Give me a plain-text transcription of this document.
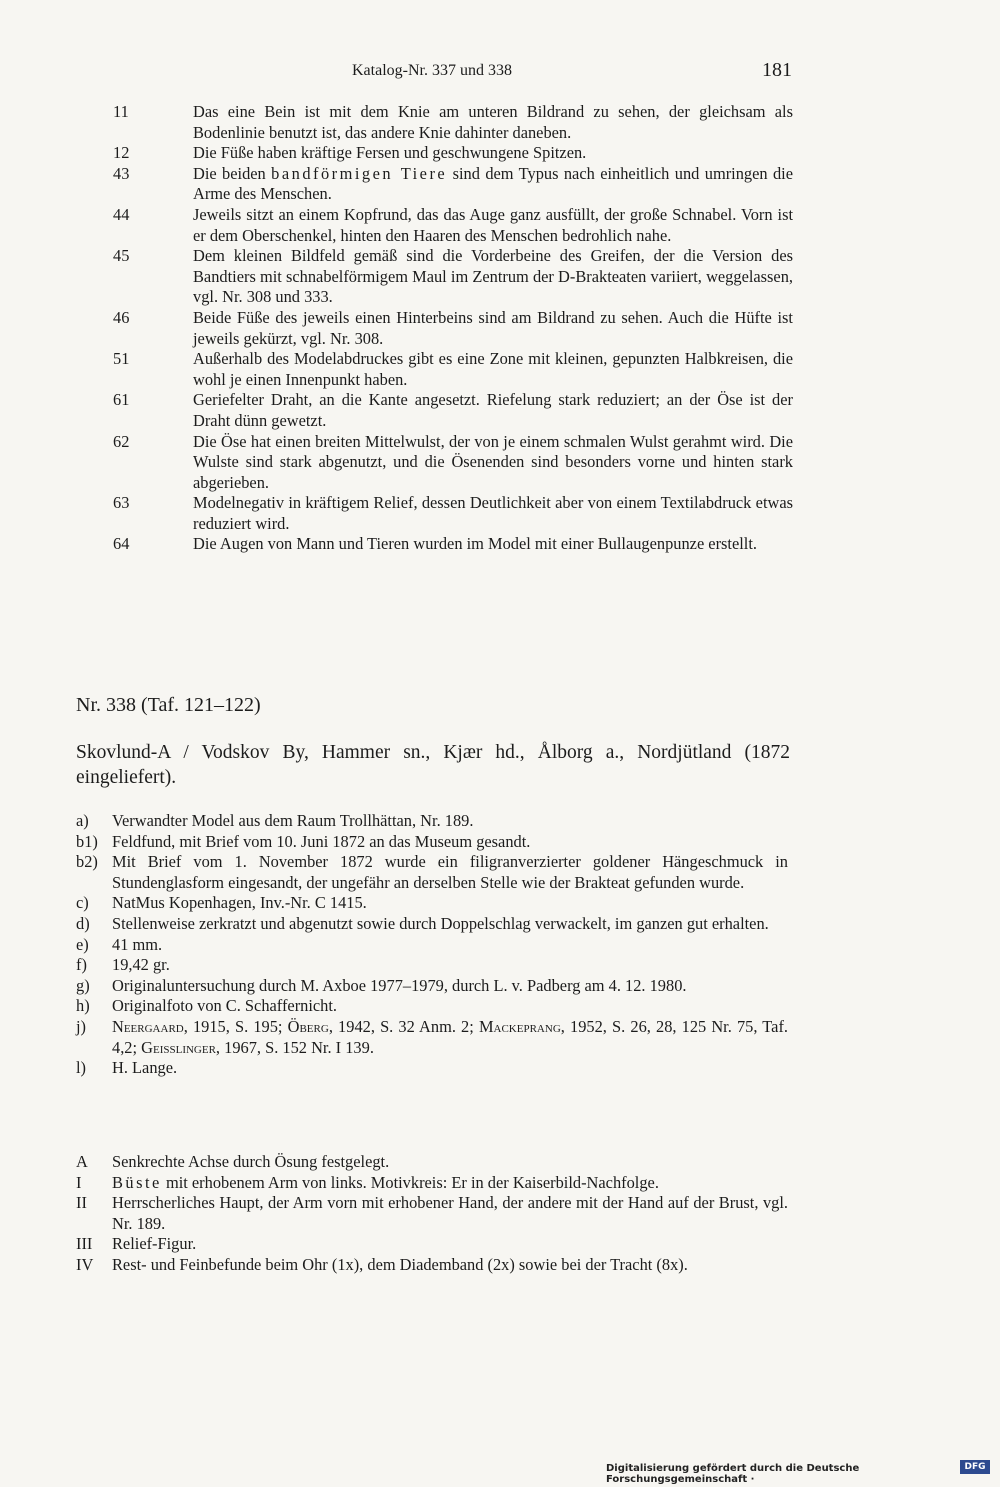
Katalog-Nr. 337 und 338	181
11	Das eine Bein ist mit dem Knie am unteren Bildrand zu sehen, der gleichsam als Bodenlinie benutzt ist, das andere Knie dahinter daneben.
12	Die Füße haben kräftige Fersen und geschwungene Spitzen.
43	Die beiden bandförmigen Tiere sind dem Typus nach einheitlich und umringen die Arme des Menschen.
44	Jeweils sitzt an einem Kopfrund, das das Auge ganz ausfüllt, der große Schnabel. Vorn ist er dem Oberschenkel, hinten den Haaren des Menschen bedrohlich nahe.
45	Dem kleinen Bildfeld gemäß sind die Vorderbeine des Greifen, der die Version des Bandtiers mit schnabelförmigem Maul im Zentrum der D-Brakteaten variiert, weggelassen, vgl. Nr. 308 und 333.
46	Beide Füße des jeweils einen Hinterbeins sind am Bildrand zu sehen. Auch die Hüfte ist jeweils gekürzt, vgl. Nr. 308.
51	Außerhalb des Modelabdruckes gibt es eine Zone mit kleinen, gepunzten Halbkreisen, die wohl je einen Innenpunkt haben.
61	Geriefelter Draht, an die Kante angesetzt. Riefelung stark reduziert; an der Öse ist der Draht dünn gewetzt.
62	Die Öse hat einen breiten Mittelwulst, der von je einem schmalen Wulst gerahmt wird. Die Wulste sind stark abgenutzt, und die Ösenenden sind besonders vorne und hinten stark abgerieben.
63	Modelnegativ in kräftigem Relief, dessen Deutlichkeit aber von einem Textilabdruck etwas reduziert wird.
64	Die Augen von Mann und Tieren wurden im Model mit einer Bullaugenpunze erstellt.
Nr. 338 (Taf. 121–122)
Skovlund-A / Vodskov By, Hammer sn., Kjær hd., Ålborg a., Nordjütland (1872 eingeliefert).
a) Verwandter Model aus dem Raum Trollhättan, Nr. 189.
b1) Feldfund, mit Brief vom 10. Juni 1872 an das Museum gesandt.
b2) Mit Brief vom 1. November 1872 wurde ein filigranverzierter goldener Hängeschmuck in Stundenglasform eingesandt, der ungefähr an derselben Stelle wie der Brakteat gefunden wurde.
c) NatMus Kopenhagen, Inv.-Nr. C 1415.
d) Stellenweise zerkratzt und abgenutzt sowie durch Doppelschlag verwackelt, im ganzen gut erhalten.
e) 41 mm.
f) 19,42 gr.
g) Originaluntersuchung durch M. Axboe 1977–1979, durch L. v. Padberg am 4. 12. 1980.
h) Originalfoto von C. Schaffernicht.
j) Neergaard, 1915, S. 195; Öberg, 1942, S. 32 Anm. 2; Mackeprang, 1952, S. 26, 28, 125 Nr. 75, Taf. 4,2; Geisslinger, 1967, S. 152 Nr. I 139.
l) H. Lange.
A Senkrechte Achse durch Ösung festgelegt.
I Büste mit erhobenem Arm von links. Motivkreis: Er in der Kaiserbild-Nachfolge.
II Herrscherliches Haupt, der Arm vorn mit erhobener Hand, der andere mit der Hand auf der Brust, vgl. Nr. 189.
III Relief-Figur.
IV Rest- und Feinbefunde beim Ohr (1x), dem Diademband (2x) sowie bei der Tracht (8x).
Digitalisierung gefördert durch die Deutsche Forschungsgemeinschaft ·
DFG
